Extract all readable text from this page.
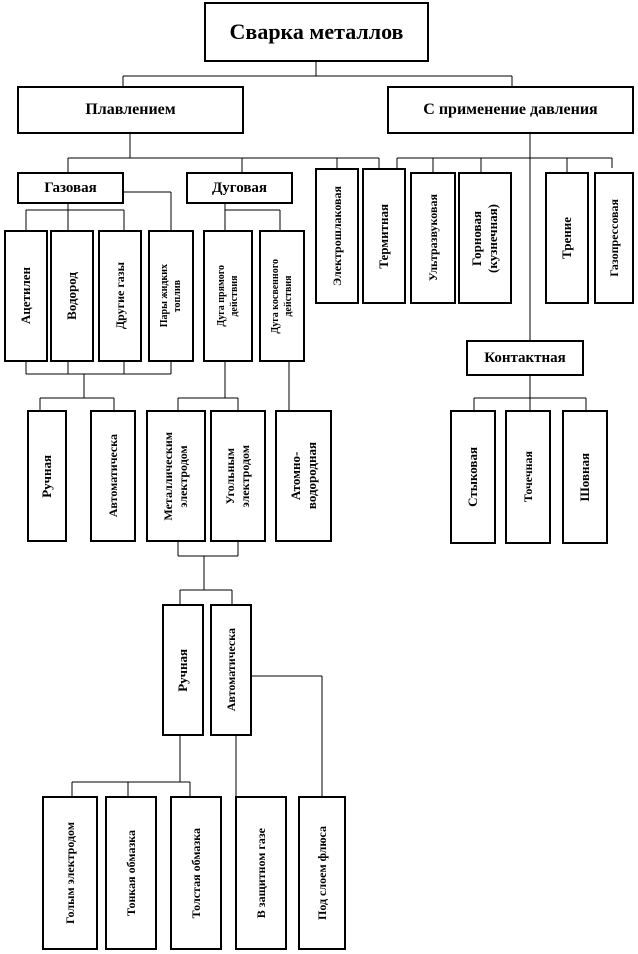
Сварка металлов
Плавлением	С применение давления
Газовая	Дуговая	Электрошлаковая	Термитная	Ультразвуковая Горновая
(кузнечная)	Трение	Газопрессовая
Ацетилен Водород	Другие газы	Пары жидких
топлив
Дуга прямого
действия
Дуга косвенного
действия
Контактная
Ручная	Автоматическа	Металлическим
электродом	Угольным
электродом	Атомно-
водородная	Стыковая	Точечная	Шовная
Ручная	Автоматическа
Голым электродом	Тонкая обмазка	Толстая обмазка	В защитном газе	Под слоем флюса
